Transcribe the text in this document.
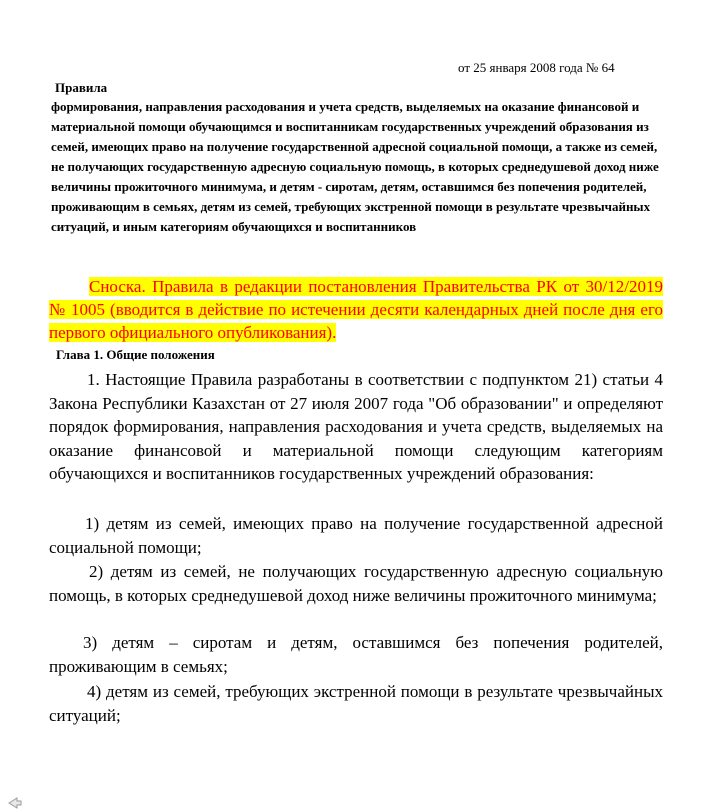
от 25 января 2008 года № 64

Правила

формирования, направления расходования и учета средств, выделяемых на оказание финансовой и материальной помощи обучающимся и воспитанникам государственных учреждений образования из семей, имеющих право на получение государственной адресной социальной помощи, а также из семей, не получающих государственную адресную социальную помощь, в которых среднедушевой доход ниже величины прожиточного минимума, и детям - сиротам, детям, оставшимся без попечения родителей, проживающим в семьях, детям из семей, требующих экстренной помощи в результате чрезвычайных ситуаций, и иным категориям обучающихся и воспитанников

Сноска. Правила в редакции постановления Правительства РК от 30/12/2019 № 1005 (вводится в действие по истечении десяти календарных дней после дня его первого официального опубликования).

Глава 1. Общие положения

1. Настоящие Правила разработаны в соответствии с подпунктом 21) статьи 4 Закона Республики Казахстан от 27 июля 2007 года "Об образовании" и определяют порядок формирования, направления расходования и учета средств, выделяемых на оказание финансовой и материальной помощи следующим категориям обучающихся и воспитанников государственных учреждений образования:

1) детям из семей, имеющих право на получение государственной адресной социальной помощи;

2) детям из семей, не получающих государственную адресную социальную помощь, в которых среднедушевой доход ниже величины прожиточного минимума;

3) детям – сиротам и детям, оставшимся без попечения родителей, проживающим в семьях;

4) детям из семей, требующих экстренной помощи в результате чрезвычайных ситуаций;
